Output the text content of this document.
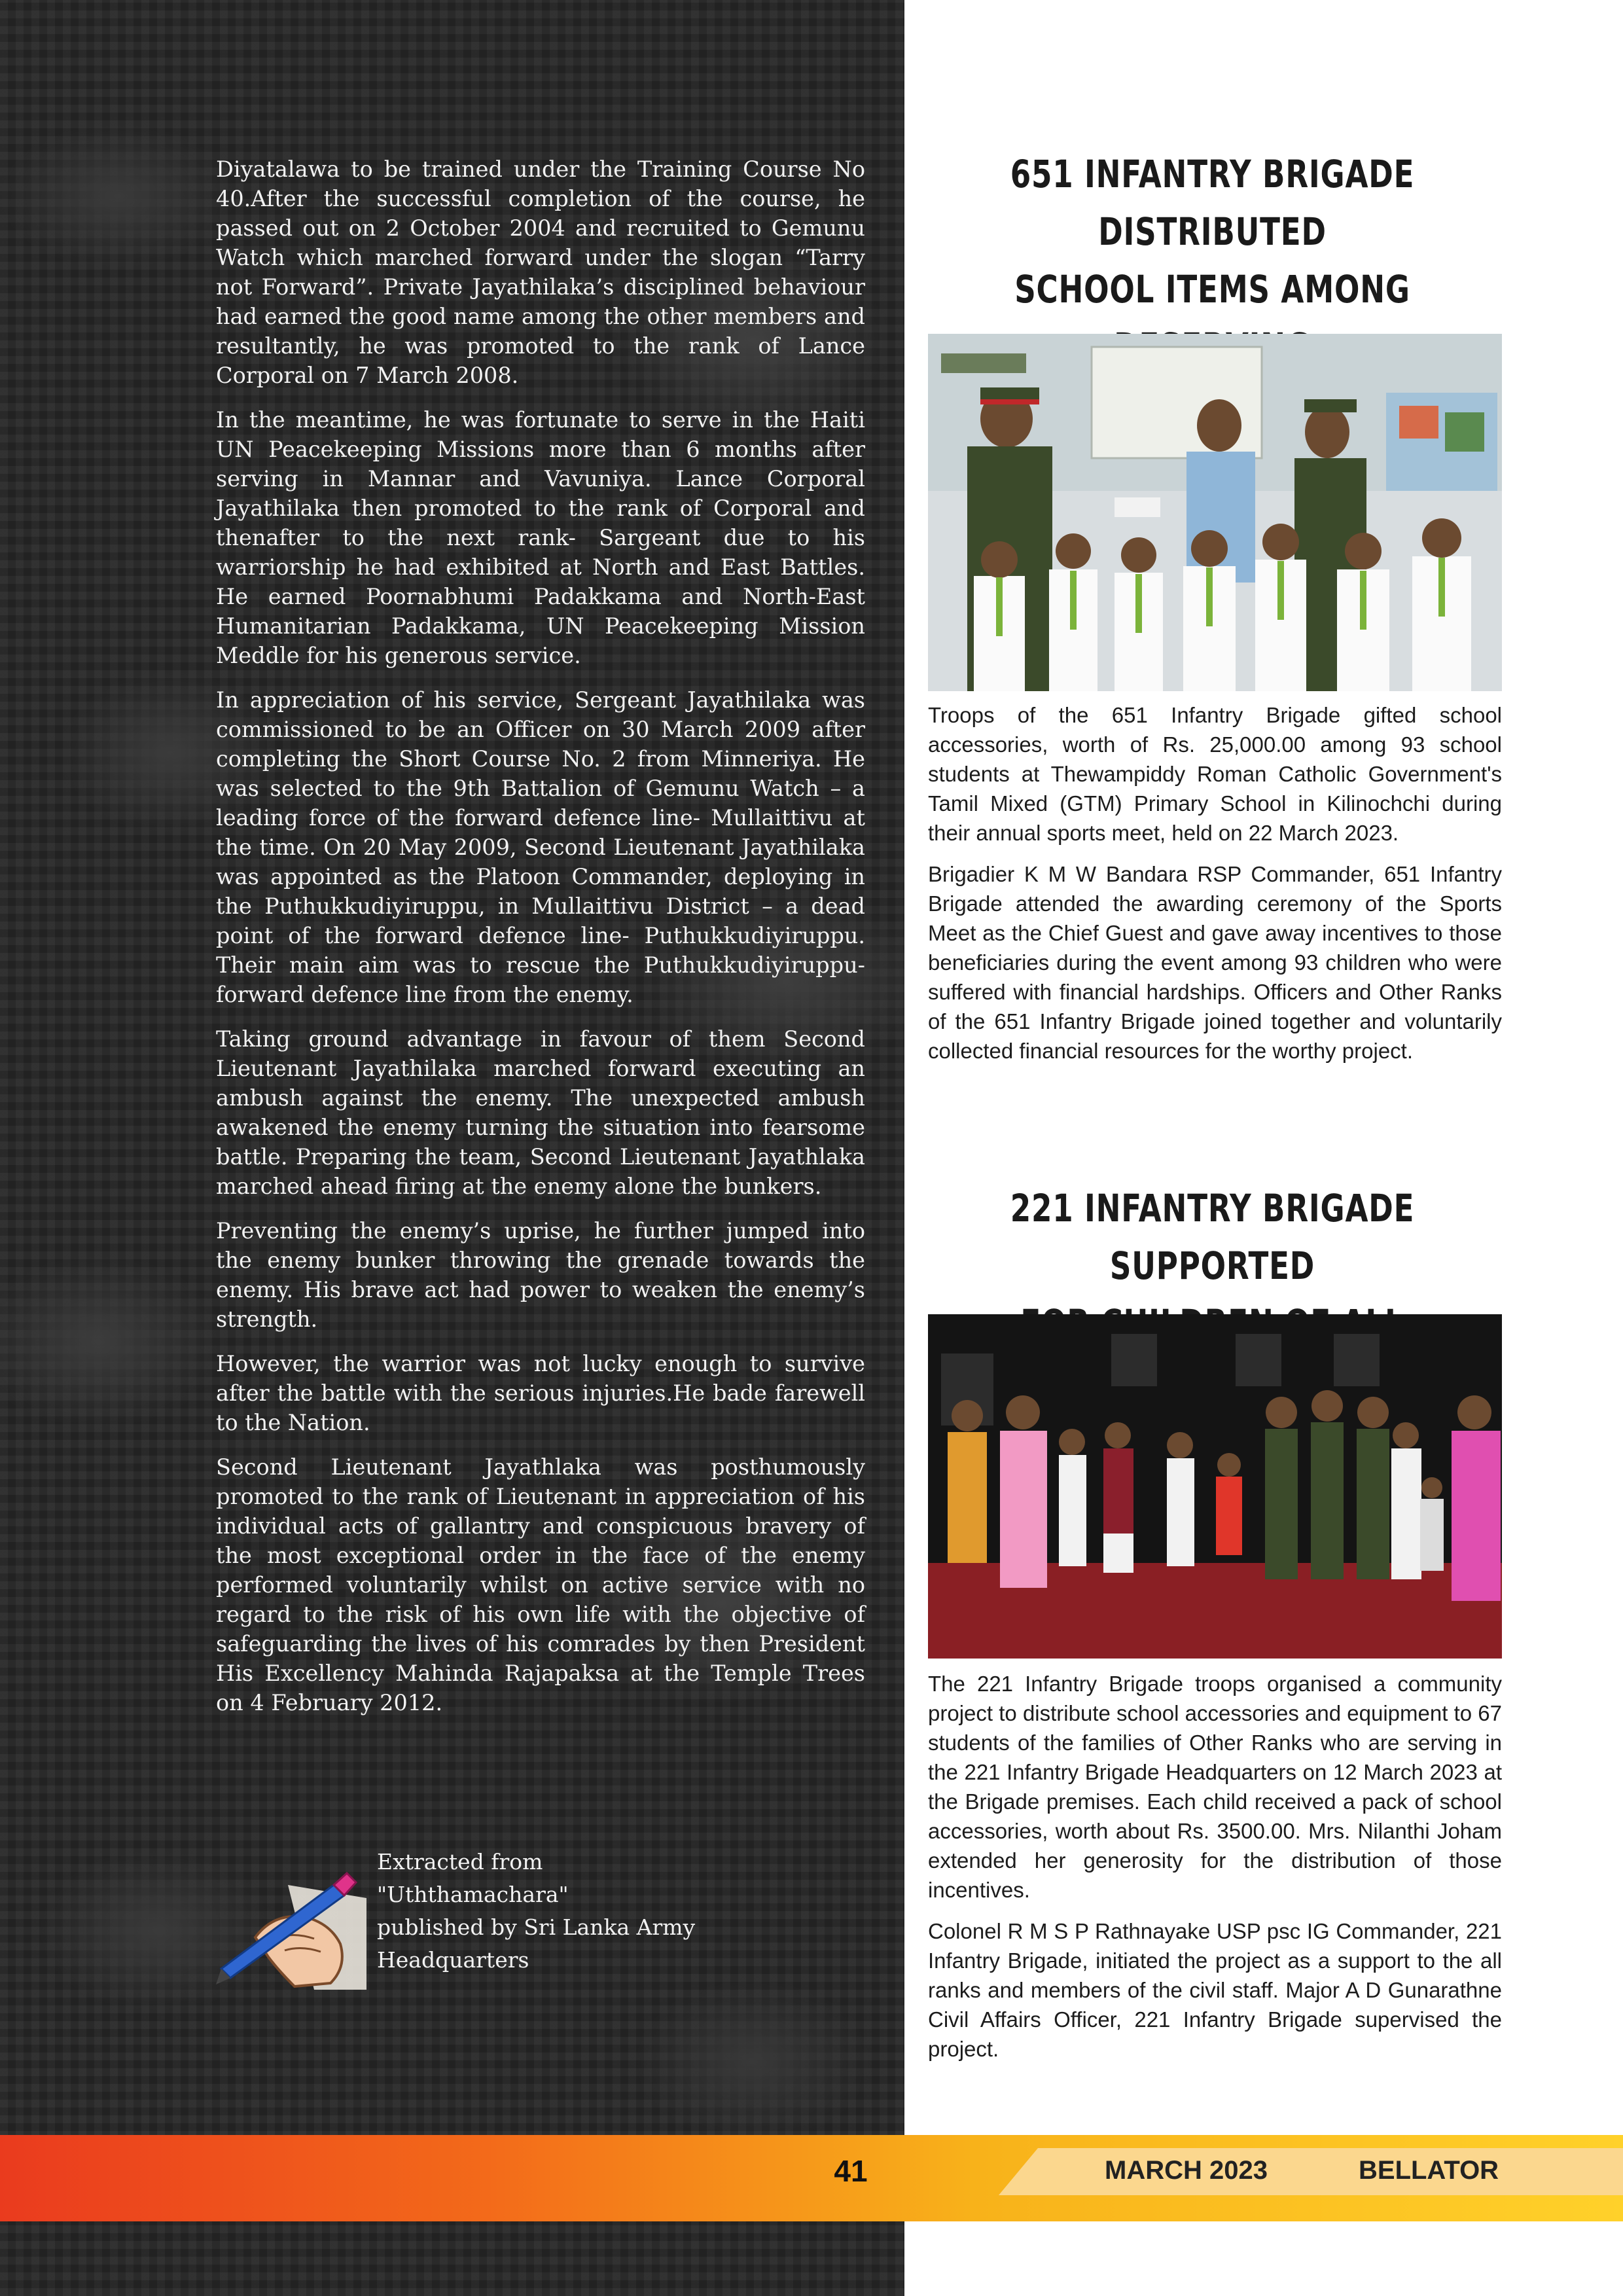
Diyatalawa to be trained under the Training Course No 40.After the successful completion of the course, he passed out on 2 October 2004 and recruited to Gemunu Watch which marched forward under the slogan “Tarry not Forward”. Private Jayathilaka’s disciplined behaviour had earned the good name among the other members and resultantly, he was promoted to the rank of Lance Corporal on 7 March 2008.

In the meantime, he was fortunate to serve in the Haiti UN Peacekeeping Missions more than 6 months after serving in Mannar and Vavuniya. Lance Corporal Jayathilaka then promoted to the rank of Corporal and thenafter to the next rank- Sargeant due to his warriorship he had exhibited at North and East Battles. He earned Poornabhumi Padakkama and North-East Humanitarian Padakkama, UN Peacekeeping Mission Meddle for his generous service.

In appreciation of his service, Sergeant Jayathilaka was commissioned to be an Officer on 30 March 2009 after completing the Short Course No. 2 from Minneriya. He was selected to the 9th Battalion of Gemunu Watch – a leading force of the forward defence line- Mullaittivu at the time. On 20 May 2009, Second Lieutenant Jayathilaka was appointed as the Platoon Commander, deploying in the Puthukkudiyiruppu, in Mullaittivu District – a dead point of the forward defence line- Puthukkudiyiruppu. Their main aim was to rescue the Puthukkudiyiruppu- forward defence line from the enemy.

Taking ground advantage in favour of them Second Lieutenant Jayathilaka marched forward executing an ambush against the enemy. The unexpected ambush awakened the enemy turning the situation into fearsome battle. Preparing the team, Second Lieutenant Jayathlaka marched ahead firing at the enemy alone the bunkers.

Preventing the enemy’s uprise, he further jumped into the enemy bunker throwing the grenade towards the enemy. His brave act had power to weaken the enemy’s strength.

However, the warrior was not lucky enough to survive after the battle with the serious injuries.He bade farewell to the Nation.

Second Lieutenant Jayathlaka was posthumously promoted to the rank of Lieutenant in appreciation of his individual acts of gallantry and conspicuous bravery of the most exceptional order in the face of the enemy performed voluntarily whilst on active service with no regard to the risk of his own life with the objective of safeguarding the lives of his comrades by then President His Excellency Mahinda Rajapaksa at the Temple Trees on 4 February 2012.

Extracted from
"Uththamachara"
published by Sri Lanka Army
Headquarters
651 INFANTRY BRIGADE DISTRIBUTED
SCHOOL ITEMS AMONG

Troops of the 651 Infantry Brigade gifted school accessories, worth of Rs. 25,000.00 among 93 school students at Thewampiddy Roman Catholic Government's Tamil Mixed (GTM) Primary School in Kilinochchi during their annual sports meet, held on 22 March 2023.

Brigadier K M W Bandara RSP Commander, 651 Infantry Brigade attended the awarding ceremony of the Sports Meet as the Chief Guest and gave away incentives to those beneficiaries during the event among 93 children who were suffered with financial hardships. Officers and Other Ranks of the 651 Infantry Brigade joined together and voluntarily collected financial resources for the worthy project.

221 INFANTRY BRIGADE SUPPORTED

The 221 Infantry Brigade troops organised a community project to distribute school accessories and equipment to 67 students of the families of Other Ranks who are serving in the 221 Infantry Brigade Headquarters on 12 March 2023 at the Brigade premises. Each child received a pack of school accessories, worth about Rs. 3500.00. Mrs. Nilanthi Joham extended her generosity for the distribution of those incentives.

Colonel R M S P Rathnayake USP psc IG Commander, 221 Infantry Brigade, initiated the project as a support to the all ranks and members of the civil staff. Major A D Gunarathne Civil Affairs Officer, 221 Infantry Brigade supervised the project.

41	MARCH 2023	BELLATOR
